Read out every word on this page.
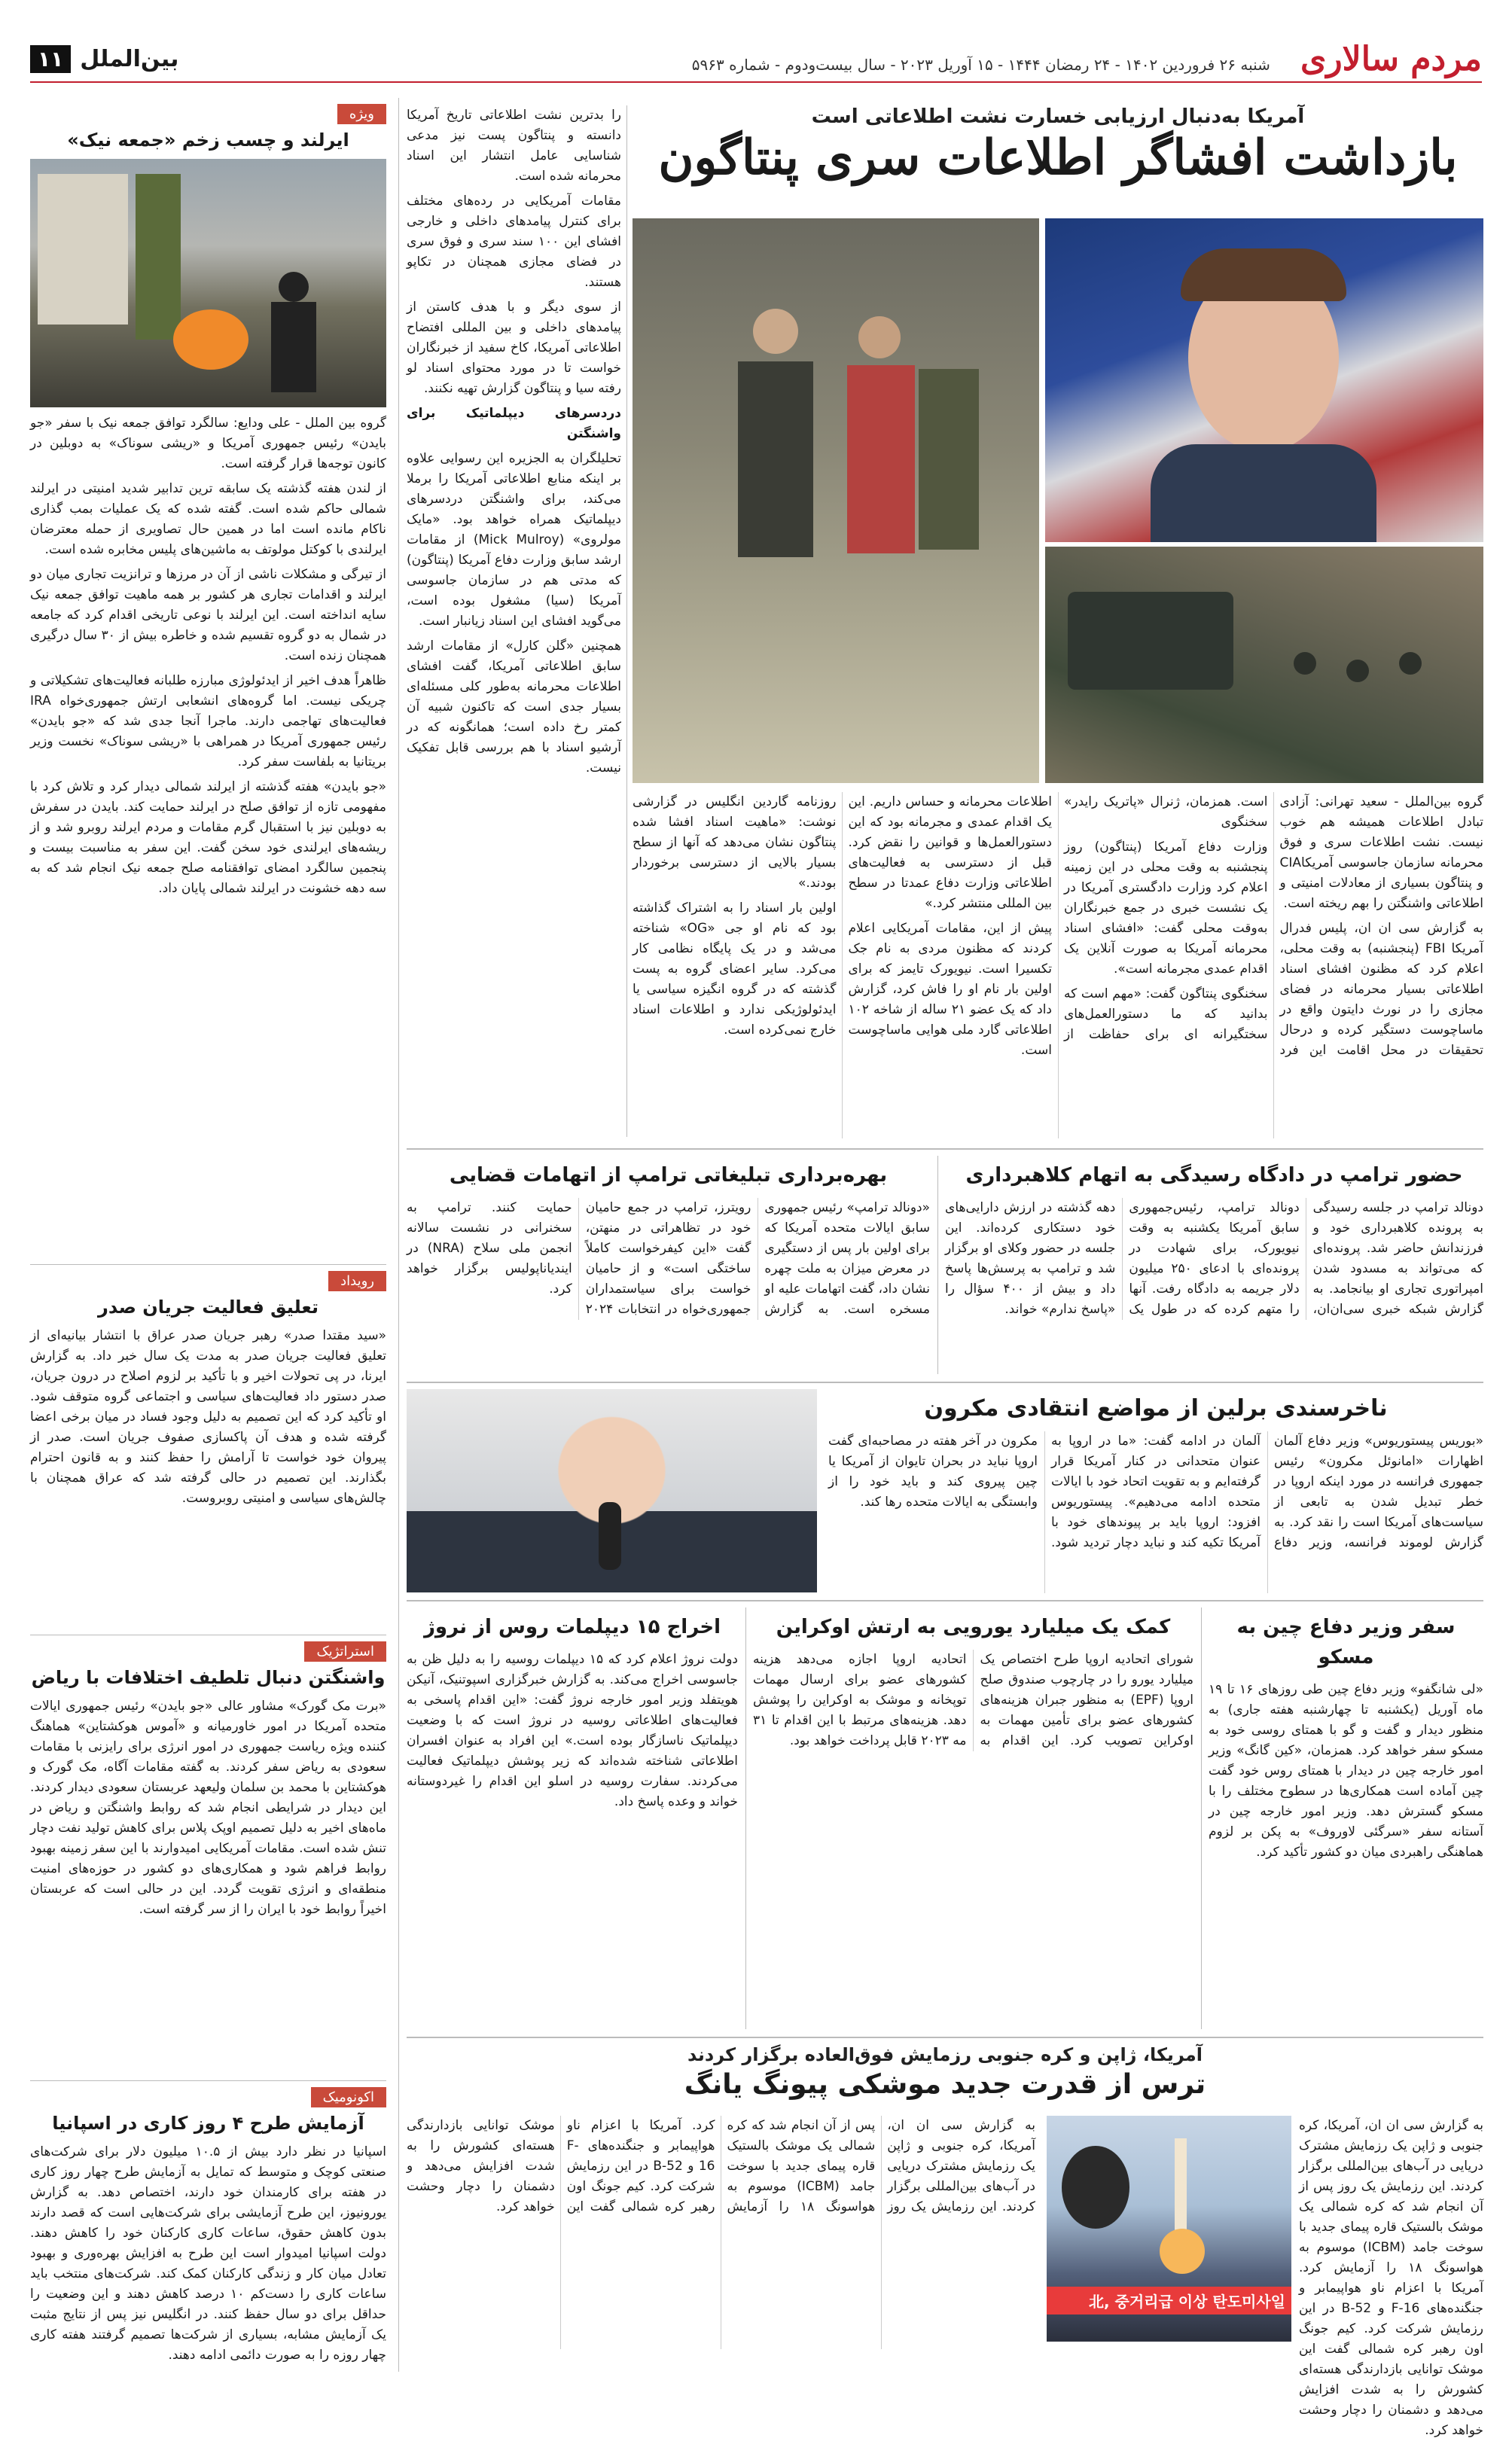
مردم سالاری
شنبه ۲۶ فروردین ۱۴۰۲ - ۲۴ رمضان ۱۴۴۴ - ۱۵ آوریل ۲۰۲۳ - سال بیست‌ودوم - شماره ۵۹۶۳
بین‌الملل
۱۱
آمریکا به‌دنبال ارزیابی خسارت نشت اطلاعاتی است
بازداشت افشاگر اطلاعات سری پنتاگون

گروه بین‌الملل - سعید تهرانی: آزادی تبادل اطلاعات همیشه هم خوب نیست. نشت اطلاعات سری و فوق محرمانه سازمان جاسوسی آمریکاCIA و پنتاگون بسیاری از معادلات امنیتی و اطلاعاتی واشنگتن را بهم ریخته است.

به گزارش سی ان ان، پلیس فدرال آمریکا FBI (پنجشنبه) به وقت محلی، اعلام کرد که مظنون افشای اسناد اطلاعاتی بسیار محرمانه در فضای مجازی را در نورث دایتون واقع در ماساچوست دستگیر کرده و درحال تحقیقات در محل اقامت این فرد است. همزمان، ژنرال «پاتریک رایدر» سخنگوی

وزارت دفاع آمریکا (پنتاگون) روز پنجشنبه به وقت محلی در این زمینه اعلام کرد وزارت دادگستری آمریکا در یک نشست خبری در جمع خبرنگاران به‌وقت محلی گفت: «افشای اسناد محرمانه آمریکا به صورت آنلاین یک اقدام عمدی مجرمانه است».

سخنگوی پنتاگون گفت: «مهم است که بدانید که ما دستورالعمل‌های سختگیرانه ای برای حفاظت از اطلاعات محرمانه و حساس داریم. این یک اقدام عمدی و مجرمانه بود که این دستورالعمل‌ها و قوانین را نقض کرد. قبل از دسترسی به فعالیت‌های اطلاعاتی وزارت دفاع عمدتا در سطح بین المللی منتشر کرد.»

پیش از این، مقامات آمریکایی اعلام کردند که مظنون مردی به نام جک تکسیرا است. نیویورک تایمز که برای اولین بار نام او را فاش کرد، گزارش داد که یک عضو ۲۱ ساله از شاخه ۱۰۲ اطلاعاتی گارد ملی هوایی ماساچوست است.

روزنامه گاردین انگلیس در گزارشی نوشت: «ماهیت اسناد افشا شده پنتاگون نشان می‌دهد که آنها از سطح بسیار بالایی از دسترسی برخوردار بودند.»

اولین بار اسناد را به اشتراک گذاشته بود که نام او جی «OG» شناخته می‌شد و در یک پایگاه نظامی کار می‌کرد. سایر اعضای گروه به پست گذشته که در گروه انگیزه سیاسی یا ایدئولوژیکی ندارد و اطلاعات اسناد خارج نمی‌کرده است.

را بدترین نشت اطلاعاتی تاریخ آمریکا دانسته و پنتاگون پست نیز مدعی شناسایی عامل انتشار این اسناد محرمانه شده است.

مقامات آمریکایی در رده‌های مختلف برای کنترل پیامدهای داخلی و خارجی افشای این ۱۰۰ سند سری و فوق سری در فضای مجازی همچنان در تکاپو هستند.

از سوی دیگر و با هدف کاستن از پیامدهای داخلی و بین المللی افتضاح اطلاعاتی آمریکا، کاخ سفید از خبرنگاران خواست تا در مورد محتوای اسناد لو رفته سیا و پنتاگون گزارش تهیه نکنند.

دردسرهای دیپلماتیک برای واشنگتن

تحلیلگران به الجزیره این رسوایی علاوه بر اینکه منابع اطلاعاتی آمریکا را برملا می‌کند، برای واشنگتن دردسرهای دیپلماتیک همراه خواهد بود. «مایک مولروی» (Mick Mulroy) از مقامات ارشد سابق وزارت دفاع آمریکا (پنتاگون) که مدتی هم در سازمان جاسوسی آمریکا (سیا) مشغول بوده است، می‌گوید افشای این اسناد زیانبار است.

همچنین «گلن کارل» از مقامات ارشد سابق اطلاعاتی آمریکا، گفت افشای اطلاعات محرمانه به‌طور کلی مسئله‌ای بسیار جدی است که تاکنون شبیه آن کمتر رخ داده است؛ همانگونه که در آرشیو اسناد با هم بررسی قابل تفکیک نیست.

حضور ترامپ در دادگاه رسیدگی به اتهام کلاهبرداری
دونالد ترامپ در جلسه رسیدگی به پرونده کلاهبرداری خود و فرزندانش حاضر شد. پرونده‌ای که می‌تواند به مسدود شدن امپراتوری تجاری او بیانجامد. به گزارش شبکه خبری سی‌ان‌ان، دونالد ترامپ، رئیس‌جمهوری سابق آمریکا یکشنبه به وقت نیویورک، برای شهادت در پرونده‌ای با ادعای ۲۵۰ میلیون دلار جریمه به دادگاه رفت. آنها را متهم کرده که در طول یک دهه گذشته در ارزش دارایی‌های خود دستکاری کرده‌اند. این جلسه در حضور وکلای او برگزار شد و ترامپ به پرسش‌ها پاسخ داد و بیش از ۴۰۰ سؤال را «پاسخ ندارم» خواند.
بهره‌برداری تبلیغاتی ترامپ از اتهامات قضایی
«دونالد ترامپ» رئیس جمهوری سابق ایالات متحده آمریکا که برای اولین بار پس از دستگیری در معرض میزان به ملت چهره نشان داد، گفت اتهامات علیه او مسخره است. به گزارش رویترز، ترامپ در جمع حامیان خود در تظاهراتی در منهتن، گفت «این کیفرخواست کاملاً ساختگی است» و از حامیان خواست برای سیاستمداران جمهوری‌خواه در انتخابات ۲۰۲۴ حمایت کنند. ترامپ به سخنرانی در نشست سالانه انجمن ملی سلاح (NRA) در ایندیاناپولیس برگزار خواهد کرد.
ناخرسندی برلین از مواضع انتقادی مکرون
«بوریس پیستوریوس» وزیر دفاع آلمان اظهارات «امانوئل مکرون» رئیس جمهوری فرانسه در مورد اینکه اروپا در خطر تبدیل شدن به تابعی از سیاست‌های آمریکا است را نقد کرد. به گزارش لوموند فرانسه، وزیر دفاع آلمان در ادامه گفت: «ما در اروپا به عنوان متحدانی در کنار آمریکا قرار گرفته‌ایم و به تقویت اتحاد خود با ایالات متحده ادامه می‌دهیم». پیستوریوس افزود: اروپا باید بر پیوندهای خود با آمریکا تکیه کند و نباید دچار تردید شود. مکرون در آخر هفته در مصاحبه‌ای گفت اروپا نباید در بحران تایوان از آمریکا یا چین پیروی کند و باید خود را از وابستگی به ایالات متحده رها کند.
سفر وزیر دفاع چین به مسکو
«لی شانگفو» وزیر دفاع چین طی روزهای ۱۶ تا ۱۹ ماه آوریل (یکشنبه تا چهارشنبه هفته جاری) به منظور دیدار و گفت و گو با همتای روسی خود به مسکو سفر خواهد کرد. همزمان، «کین گانگ» وزیر امور خارجه چین در دیدار با همتای روس خود گفت چین آماده است همکاری‌ها در سطوح مختلف را با مسکو گسترش دهد. وزیر امور خارجه چین در آستانه سفر «سرگئی لاوروف» به پکن بر لزوم هماهنگی راهبردی میان دو کشور تأکید کرد.
کمک یک میلیارد یورویی به ارتش اوکراین
شورای اتحادیه اروپا طرح اختصاص یک میلیارد یورو را در چارچوب صندوق صلح اروپا (EPF) به منظور جبران هزینه‌های کشورهای عضو برای تأمین مهمات به اوکراین تصویب کرد. این اقدام به اتحادیه اروپا اجازه می‌دهد هزینه کشورهای عضو برای ارسال مهمات توپخانه و موشک به اوکراین را پوشش دهد. هزینه‌های مرتبط با این اقدام تا ۳۱ مه ۲۰۲۳ قابل پرداخت خواهد بود.
اخراج ۱۵ دیپلمات روس از نروژ
دولت نروژ اعلام کرد که ۱۵ دیپلمات روسیه را به دلیل ظن به جاسوسی اخراج می‌کند. به گزارش خبرگزاری اسپوتنیک، آنیکن هویتفلد وزیر امور خارجه نروژ گفت: «این اقدام پاسخی به فعالیت‌های اطلاعاتی روسیه در نروژ است که با وضعیت دیپلماتیک ناسازگار بوده است.» این افراد به عنوان افسران اطلاعاتی شناخته شده‌اند که زیر پوشش دیپلماتیک فعالیت می‌کردند. سفارت روسیه در اسلو این اقدام را غیردوستانه خواند و وعده پاسخ داد.
آمریکا، ژاپن و کره جنوبی رزمایش فوق‌العاده برگزار کردند
ترس از قدرت جدید موشکی پیونگ یانگ
北, 중거리급 이상 탄도미사일
به گزارش سی ان ان، آمریکا، کره جنوبی و ژاپن یک رزمایش مشترک دریایی در آب‌های بین‌المللی برگزار کردند. این رزمایش یک روز پس از آن انجام شد که کره شمالی یک موشک بالستیک قاره پیمای جدید با سوخت جامد (ICBM) موسوم به هواسونگ ۱۸ را آزمایش کرد. آمریکا با اعزام ناو هواپیمابر و جنگنده‌های F-16 و B-52 در این رزمایش شرکت کرد. کیم جونگ اون رهبر کره شمالی گفت این موشک توانایی بازدارندگی هسته‌ای کشورش را به شدت افزایش می‌دهد و دشمنان را دچار وحشت خواهد کرد.
به گزارش سی ان ان، آمریکا، کره جنوبی و ژاپن یک رزمایش مشترک دریایی در آب‌های بین‌المللی برگزار کردند. این رزمایش یک روز پس از آن انجام شد که کره شمالی یک موشک بالستیک قاره پیمای جدید با سوخت جامد (ICBM) موسوم به هواسونگ ۱۸ را آزمایش کرد. آمریکا با اعزام ناو هواپیمابر و جنگنده‌های F-16 و B-52 در این رزمایش شرکت کرد. کیم جونگ اون رهبر کره شمالی گفت این موشک توانایی بازدارندگی هسته‌ای کشورش را به شدت افزایش می‌دهد و دشمنان را دچار وحشت خواهد کرد.
ویژه
ایرلند و چسب زخم «جمعه نیک»

گروه بین الملل - علی ودایع: سالگرد توافق جمعه نیک با سفر «جو بایدن» رئیس جمهوری آمریکا و «ریشی سوناک» به دوبلین در کانون توجه‌ها قرار گرفته است.

از لندن هفته گذشته یک سابقه ترین تدابیر شدید امنیتی در ایرلند شمالی حاکم شده است. گفته شده که یک عملیات بمب گذاری ناکام مانده است اما در همین حال تصاویری از حمله معترضان ایرلندی با کوکتل مولوتف به ماشین‌های پلیس مخابره شده است.

از تیرگی و مشکلات ناشی از آن در مرزها و ترانزیت تجاری میان دو ایرلند و اقدامات تجاری هر کشور بر همه ماهیت توافق جمعه نیک سایه انداخته است. این ایرلند با نوعی تاریخی اقدام کرد که جامعه در شمال به دو گروه تقسیم شده و خاطره بیش از ۳۰ سال درگیری همچنان زنده است.

ظاهراً هدف اخیر از ایدئولوژی مبارزه طلبانه فعالیت‌های تشکیلاتی و چریکی نیست. اما گروه‌های انشعابی ارتش جمهوری‌خواه IRA فعالیت‌های تهاجمی دارند. ماجرا آنجا جدی شد که «جو بایدن» رئیس جمهوری آمریکا در همراهی با «ریشی سوناک» نخست وزیر بریتانیا به بلفاست سفر کرد.

«جو بایدن» هفته گذشته از ایرلند شمالی دیدار کرد و تلاش کرد با مفهومی تازه از توافق صلح در ایرلند حمایت کند. بایدن در سفرش به دوبلین نیز با استقبال گرم مقامات و مردم ایرلند روبرو شد و از ریشه‌های ایرلندی خود سخن گفت. این سفر به مناسبت بیست و پنجمین سالگرد امضای توافقنامه صلح جمعه نیک انجام شد که به سه دهه خشونت در ایرلند شمالی پایان داد.

رویداد
تعلیق فعالیت جریان صدر
«سید مقتدا صدر» رهبر جریان صدر عراق با انتشار بیانیه‌ای از تعلیق فعالیت جریان صدر به مدت یک سال خبر داد. به گزارش ایرنا، در پی تحولات اخیر و با تأکید بر لزوم اصلاح در درون جریان، صدر دستور داد فعالیت‌های سیاسی و اجتماعی گروه متوقف شود. او تأکید کرد که این تصمیم به دلیل وجود فساد در میان برخی اعضا گرفته شده و هدف آن پاکسازی صفوف جریان است. صدر از پیروان خود خواست تا آرامش را حفظ کنند و به قانون احترام بگذارند. این تصمیم در حالی گرفته شد که عراق همچنان با چالش‌های سیاسی و امنیتی روبروست.
استراتژیک
واشنگتن دنبال تلطیف اختلافات با ریاض
«برت مک گورک» مشاور عالی «جو بایدن» رئیس جمهوری ایالات متحده آمریکا در امور خاورمیانه و «آموس هوکشتاین» هماهنگ کننده ویژه ریاست جمهوری در امور انرژی برای رایزنی با مقامات سعودی به ریاض سفر کردند. به گفته مقامات آگاه، مک گورک و هوکشتاین با محمد بن سلمان ولیعهد عربستان سعودی دیدار کردند. این دیدار در شرایطی انجام شد که روابط واشنگتن و ریاض در ماه‌های اخیر به دلیل تصمیم اوپک پلاس برای کاهش تولید نفت دچار تنش شده است. مقامات آمریکایی امیدوارند با این سفر زمینه بهبود روابط فراهم شود و همکاری‌های دو کشور در حوزه‌های امنیت منطقه‌ای و انرژی تقویت گردد. این در حالی است که عربستان اخیراً روابط خود با ایران را از سر گرفته است.
اکونومیک
آزمایش طرح ۴ روز کاری در اسپانیا
اسپانیا در نظر دارد بیش از ۱۰.۵ میلیون دلار برای شرکت‌های صنعتی کوچک و متوسط که تمایل به آزمایش طرح چهار روز کاری در هفته برای کارمندان خود دارند، اختصاص دهد. به گزارش یورونیوز، این طرح آزمایشی برای شرکت‌هایی است که قصد دارند بدون کاهش حقوق، ساعات کاری کارکنان خود را کاهش دهند. دولت اسپانیا امیدوار است این طرح به افزایش بهره‌وری و بهبود تعادل میان کار و زندگی کارکنان کمک کند. شرکت‌های منتخب باید ساعات کاری را دست‌کم ۱۰ درصد کاهش دهند و این وضعیت را حداقل برای دو سال حفظ کنند. در انگلیس نیز پس از نتایج مثبت یک آزمایش مشابه، بسیاری از شرکت‌ها تصمیم گرفتند هفته کاری چهار روزه را به صورت دائمی ادامه دهند.
